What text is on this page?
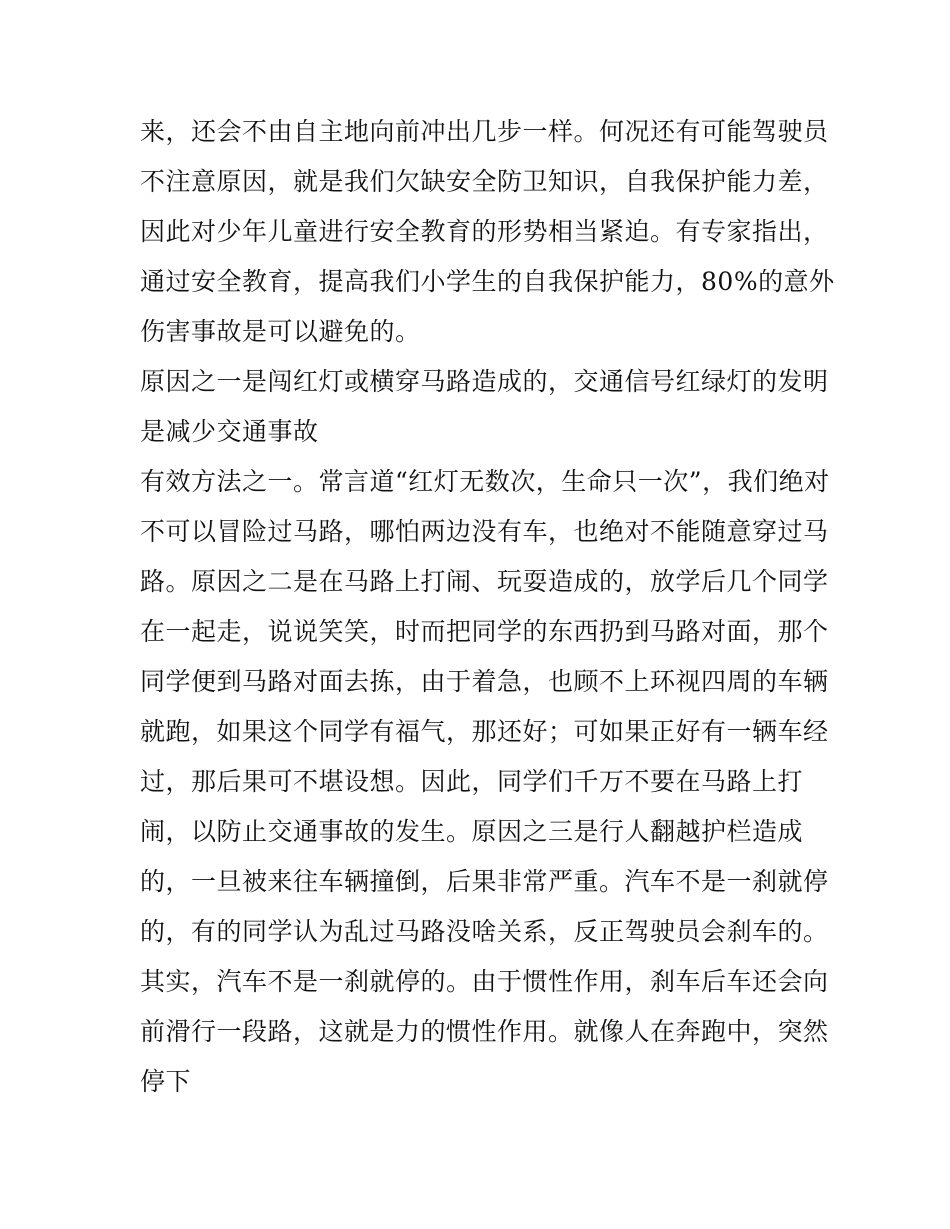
来，还会不由自主地向前冲出几步一样。何况还有可能驾驶员
不注意原因，就是我们欠缺安全防卫知识，自我保护能力差，
因此对少年儿童进行安全教育的形势相当紧迫。有专家指出，
通过安全教育，提高我们小学生的自我保护能力，80%的意外
伤害事故是可以避免的。
原因之一是闯红灯或横穿马路造成的，交通信号红绿灯的发明
是减少交通事故
有效方法之一。常言道“红灯无数次，生命只一次”，我们绝对
不可以冒险过马路，哪怕两边没有车，也绝对不能随意穿过马
路。原因之二是在马路上打闹、玩耍造成的，放学后几个同学
在一起走，说说笑笑，时而把同学的东西扔到马路对面，那个
同学便到马路对面去拣，由于着急，也顾不上环视四周的车辆
就跑，如果这个同学有福气，那还好；可如果正好有一辆车经
过，那后果可不堪设想。因此，同学们千万不要在马路上打
闹，以防止交通事故的发生。原因之三是行人翻越护栏造成
的，一旦被来往车辆撞倒，后果非常严重。汽车不是一刹就停
的，有的同学认为乱过马路没啥关系，反正驾驶员会刹车的。
其实，汽车不是一刹就停的。由于惯性作用，刹车后车还会向
前滑行一段路，这就是力的惯性作用。就像人在奔跑中，突然
停下
